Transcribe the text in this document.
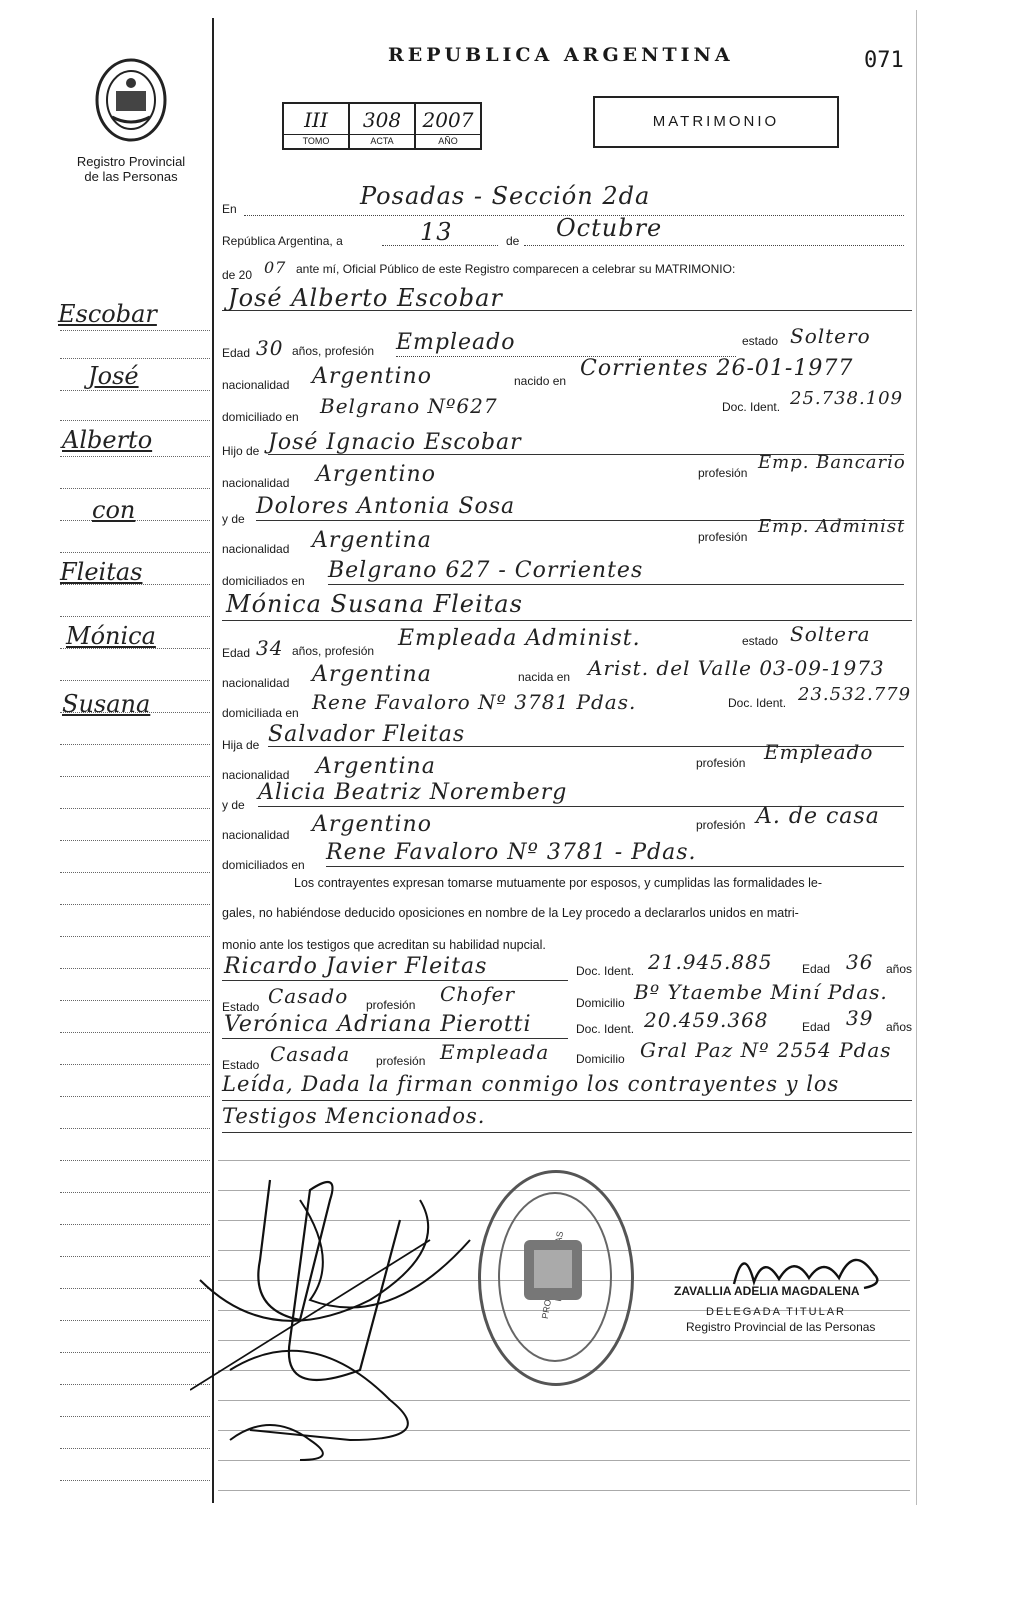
Registro Provincial de las Personas
Escobar
José
Alberto
con
Fleitas
Mónica
Susana
REPUBLICA ARGENTINA	071
III
TOMO
308
ACTA
2007
AÑO
MATRIMONIO
En	Posadas - Sección 2da
República Argentina, a	13	de Octubre
de 20 07 ante mí, Oficial Público de este Registro comparecen a celebrar su MATRIMONIO:
José Alberto Escobar
Edad 30 años, profesión Empleado	estado Soltero
nacionalidad Argentino	nacido en Corrientes 26-01-1977
domiciliado en Belgrano Nº627	Doc. Ident. 25.738.109
Hijo de José Ignacio Escobar
nacionalidad Argentino	profesión Emp. Bancario
y de Dolores Antonia Sosa
nacionalidad Argentina	profesión Emp. Administ
domiciliados en Belgrano 627 - Corrientes
Mónica Susana Fleitas
Edad 34 años, profesión Empleada Administ.	estado Soltera
nacionalidad Argentina	nacida en Arist. del Valle 03-09-1973
domiciliada en Rene Favaloro Nº 3781 Pdas.	Doc. Ident. 23.532.779
Hija de Salvador Fleitas
nacionalidad Argentina	profesión Empleado
y de Alicia Beatriz Noremberg
nacionalidad Argentino	profesión A. de casa
domiciliados en Rene Favaloro Nº 3781 - Pdas.
Los contrayentes expresan tomarse mutuamente por esposos, y cumplidas las formalidades le-
gales, no habiéndose deducido oposiciones en nombre de la Ley procedo a declararlos unidos en matri-
monio ante los testigos que acreditan su habilidad nupcial.
Ricardo Javier Fleitas	Doc. Ident. 21.945.885 Edad 36 años
Estado Casado profesión Chofer	Domicilio Bº Ytaembe Miní Pdas.
Verónica Adriana Pierotti	Doc. Ident. 20.459.368	Edad 39 años
Estado Casada profesión Empleada Domicilio Gral Paz Nº 2554 Pdas
Leída, Dada la firman conmigo los contrayentes y los
Testigos Mencionados.
ZAVALLIA ADELIA MAGDALENA
DELEGADA TITULAR
Registro Provincial de las Personas
